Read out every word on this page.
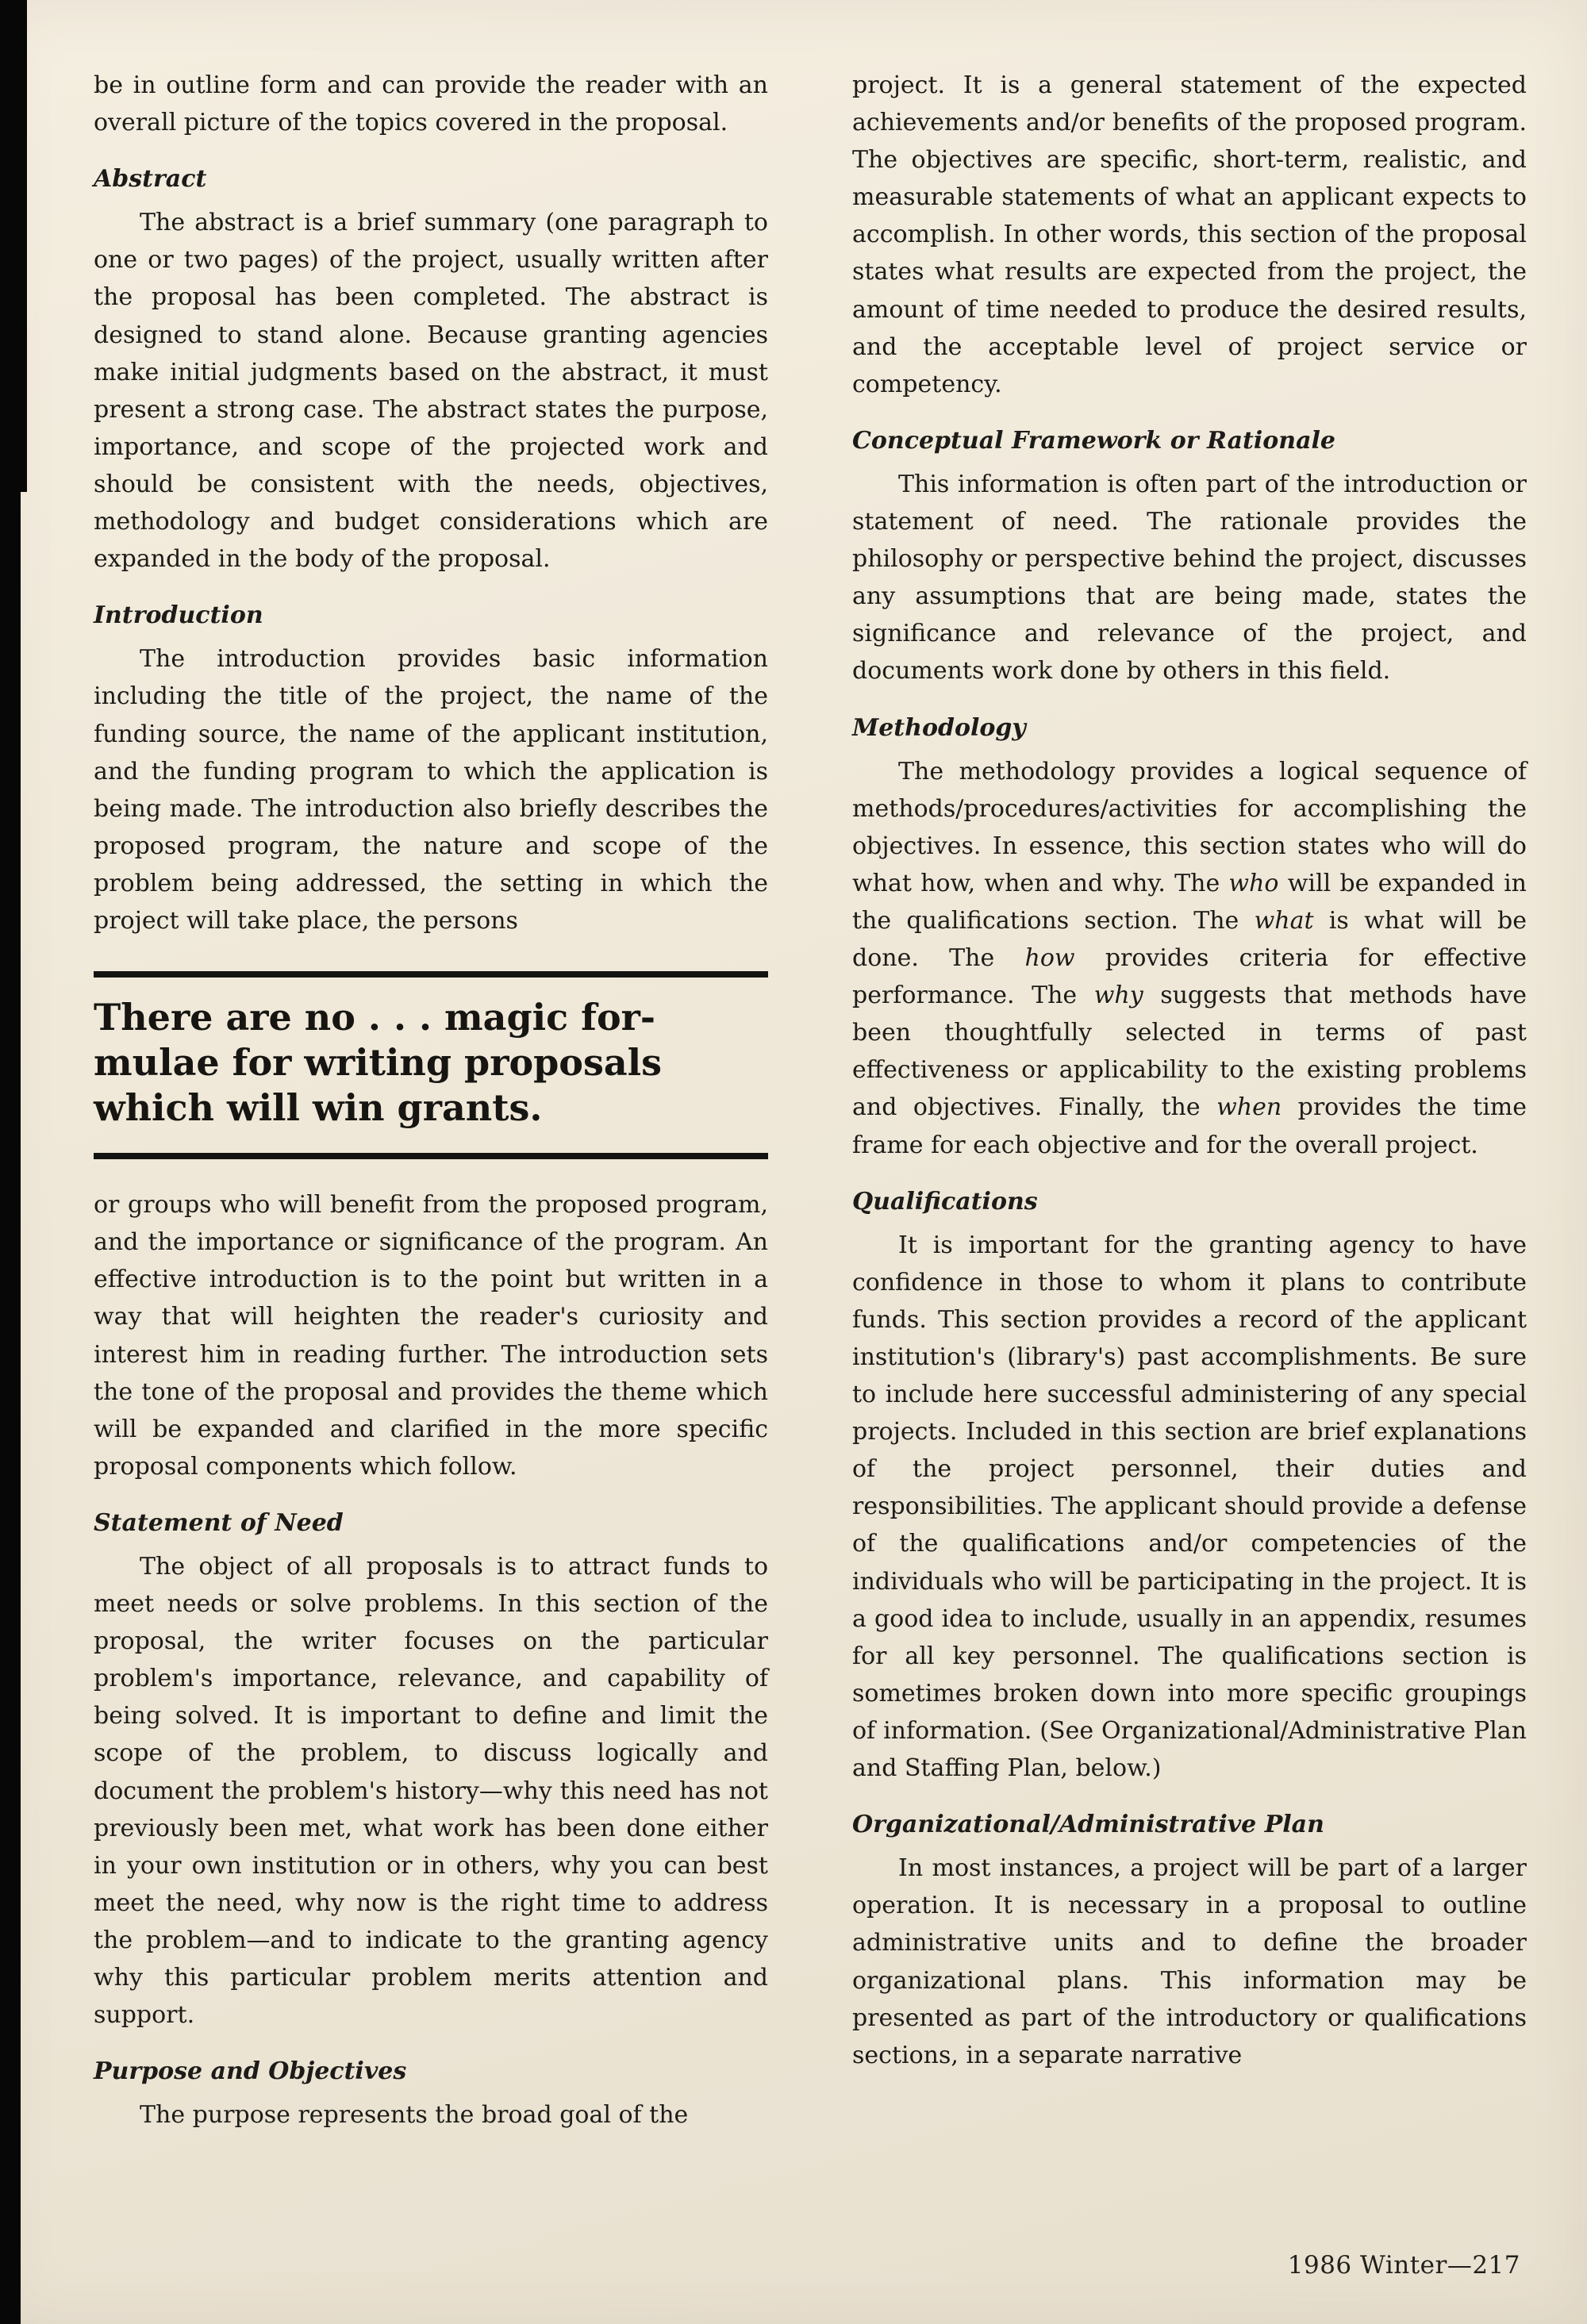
be in outline form and can provide the reader with an overall picture of the topics covered in the proposal.

Abstract

The abstract is a brief summary (one paragraph to one or two pages) of the project, usually written after the proposal has been completed. The abstract is designed to stand alone. Because granting agencies make initial judgments based on the abstract, it must present a strong case. The abstract states the purpose, importance, and scope of the projected work and should be consistent with the needs, objectives, methodology and budget considerations which are expanded in the body of the proposal.

Introduction

The introduction provides basic information including the title of the project, the name of the funding source, the name of the applicant institution, and the funding program to which the application is being made. The introduction also briefly describes the proposed program, the nature and scope of the problem being addressed, the setting in which the project will take place, the persons

There are no . . . magic for-
mulae for writing proposals
which will win grants.

or groups who will benefit from the proposed program, and the importance or significance of the program. An effective introduction is to the point but written in a way that will heighten the reader's curiosity and interest him in reading further. The introduction sets the tone of the proposal and provides the theme which will be expanded and clarified in the more specific proposal components which follow.

Statement of Need

The object of all proposals is to attract funds to meet needs or solve problems. In this section of the proposal, the writer focuses on the particular problem's importance, relevance, and capability of being solved. It is important to define and limit the scope of the problem, to discuss logically and document the problem's history—why this need has not previously been met, what work has been done either in your own institution or in others, why you can best meet the need, why now is the right time to address the problem—and to indicate to the granting agency why this particular problem merits attention and support.

Purpose and Objectives

The purpose represents the broad goal of the

project. It is a general statement of the expected achievements and/or benefits of the proposed program. The objectives are specific, short-term, realistic, and measurable statements of what an applicant expects to accomplish. In other words, this section of the proposal states what results are expected from the project, the amount of time needed to produce the desired results, and the acceptable level of project service or competency.

Conceptual Framework or Rationale

This information is often part of the introduction or statement of need. The rationale provides the philosophy or perspective behind the project, discusses any assumptions that are being made, states the significance and relevance of the project, and documents work done by others in this field.

Methodology

The methodology provides a logical sequence of methods/procedures/activities for accomplishing the objectives. In essence, this section states who will do what how, when and why. The who will be expanded in the qualifications section. The what is what will be done. The how provides criteria for effective performance. The why suggests that methods have been thoughtfully selected in terms of past effectiveness or applicability to the existing problems and objectives. Finally, the when provides the time frame for each objective and for the overall project.

Qualifications

It is important for the granting agency to have confidence in those to whom it plans to contribute funds. This section provides a record of the applicant institution's (library's) past accomplishments. Be sure to include here successful administering of any special projects. Included in this section are brief explanations of the project personnel, their duties and responsibilities. The applicant should provide a defense of the qualifications and/or competencies of the individuals who will be participating in the project. It is a good idea to include, usually in an appendix, resumes for all key personnel. The qualifications section is sometimes broken down into more specific groupings of information. (See Organizational/Administrative Plan and Staffing Plan, below.)

Organizational/Administrative Plan

In most instances, a project will be part of a larger operation. It is necessary in a proposal to outline administrative units and to define the broader organizational plans. This information may be presented as part of the introductory or qualifications sections, in a separate narrative

1986 Winter—217
